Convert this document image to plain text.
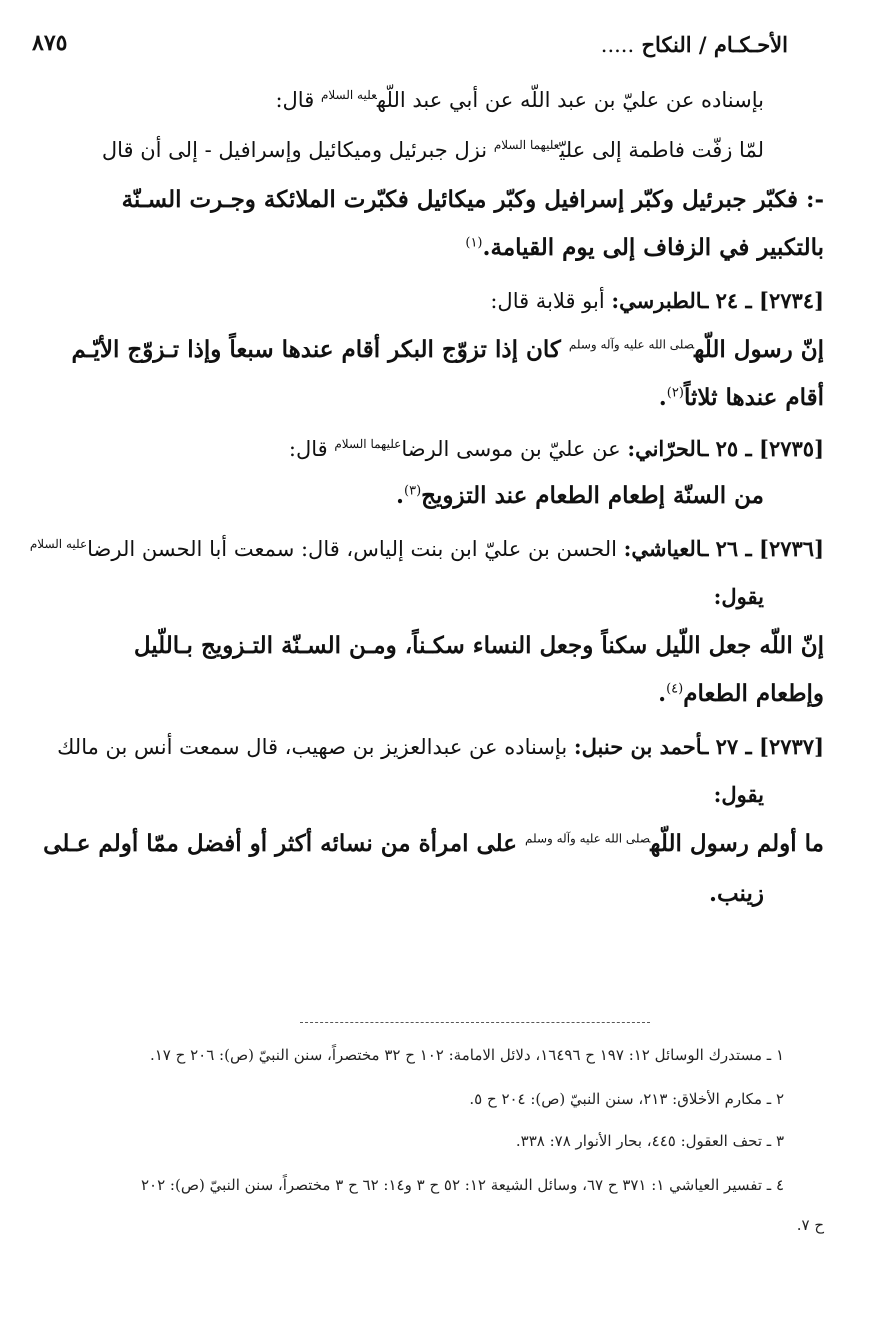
٨٧٥	الأحـكـام / النكاح .....
بإسناده عن عليّ بن عبد اللّه عن أبي عبد اللّه$^{عليه السلام}$ قال:
لمّا زفّت فاطمة إلى عليّ$^{عليهما السلام}$ نزل جبرئيل وميكائيل وإسرافيل - إلى أن قال
-: فكبّر جبرئيل وكبّر إسرافيل وكبّر ميكائيل فكبّرت الملائكة وجـرت السـنّة
بالتكبير في الزفاف إلى يوم القيامة.$^{(١)}$
[٢٧٣٤] ـ ٢٤ ـالطبرسي: أبو قلابة قال:
إنّ رسول اللّه$^{صلى الله عليه وآله وسلم}$ كان إذا تزوّج البكر أقام عندها سبعاً وإذا تـزوّج الأيّـم
أقام عندها ثلاثاً$^{(٢)}$.
[٢٧٣٥] ـ ٢٥ ـالحرّاني: عن عليّ بن موسى الرضا$^{عليهما السلام}$ قال:
من السنّة إطعام الطعام عند التزويج$^{(٣)}$.
[٢٧٣٦] ـ ٢٦ ـالعياشي: الحسن بن عليّ ابن بنت إلياس، قال: سمعت أبا الحسن الرضا$^{عليه السلام}$
يقول:
إنّ اللّه جعل اللّيل سكناً وجعل النساء سكـناً، ومـن السـنّة التـزويج بـاللّيل
وإطعام الطعام$^{(٤)}$.
[٢٧٣٧] ـ ٢٧ ـأحمد بن حنبل: بإسناده عن عبدالعزيز بن صهيب، قال سمعت أنس بن مالك
يقول:
ما أولم رسول اللّه$^{صلى الله عليه وآله وسلم}$ على امرأة من نسائه أكثر أو أفضل ممّا أولم عـلى
زينب.
١ ـ مستدرك الوسائل ١٢: ١٩٧ ح ١٦٤٩٦، دلائل الامامة: ١٠٢ ح ٣٢ مختصراً، سنن النبيّ (ص): ٢٠٦ ح ١٧.
٢ ـ مكارم الأخلاق: ٢١٣، سنن النبيّ (ص): ٢٠٤ ح ٥.
٣ ـ تحف العقول: ٤٤٥، بحار الأنوار ٧٨: ٣٣٨.
٤ ـ تفسير العياشي ١: ٣٧١ ح ٦٧، وسائل الشيعة ١٢: ٥٢ ح ٣ و١٤: ٦٢ ح ٣ مختصراً، سنن النبيّ (ص): ٢٠٢
ح ٧.
